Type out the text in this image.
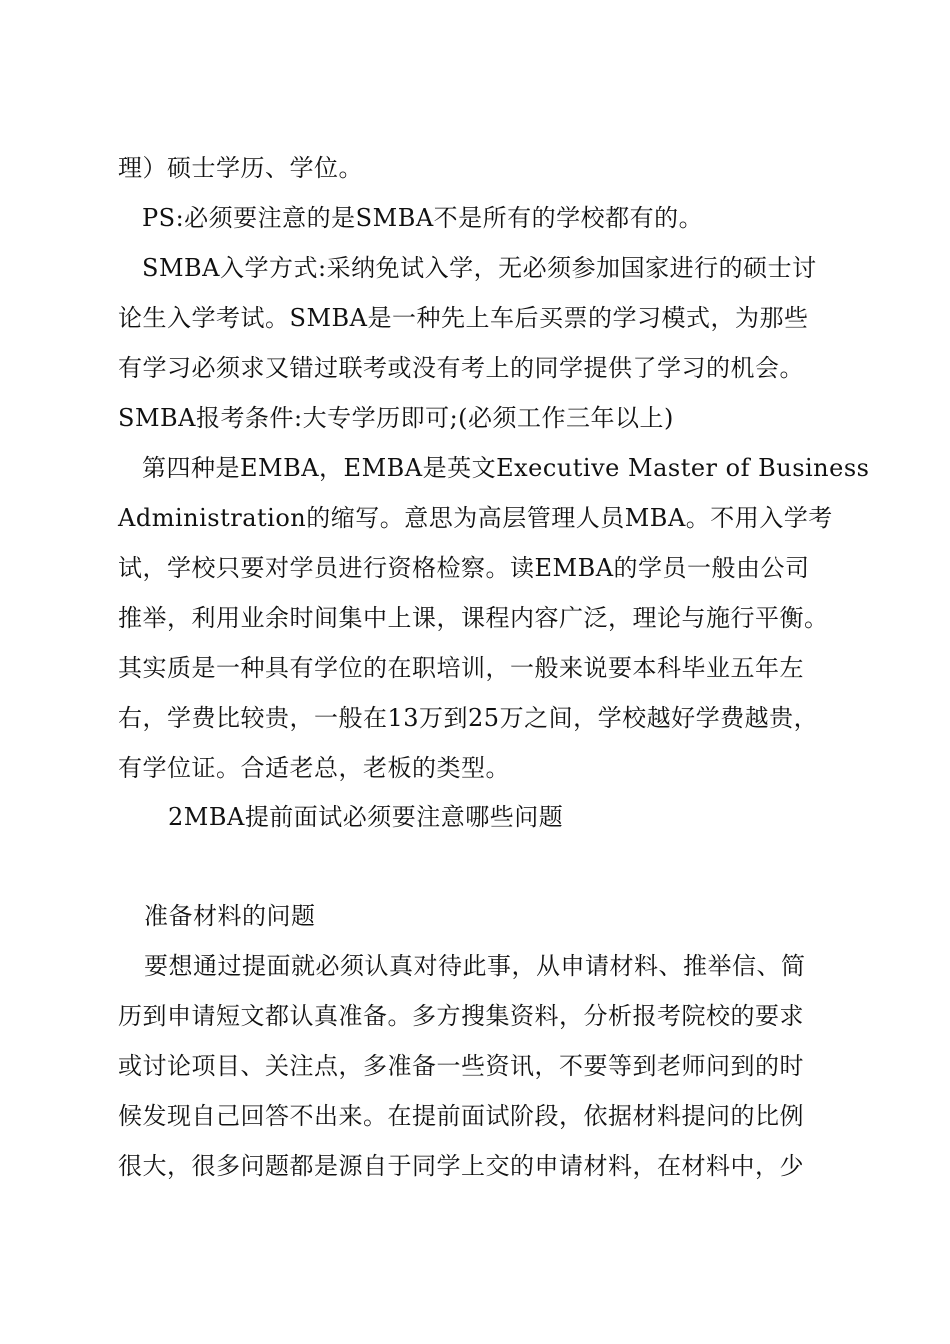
理）硕士学历、学位。
PS:必须要注意的是SMBA不是所有的学校都有的。
SMBA入学方式:采纳免试入学，无必须参加国家进行的硕士讨
论生入学考试。SMBA是一种先上车后买票的学习模式，为那些
有学习必须求又错过联考或没有考上的同学提供了学习的机会。
SMBA报考条件:大专学历即可;(必须工作三年以上)
第四种是EMBA，EMBA是英文Executive Master of Business
Administration的缩写。意思为高层管理人员MBA。不用入学考
试，学校只要对学员进行资格检察。读EMBA的学员一般由公司
推举，利用业余时间集中上课，课程内容广泛，理论与施行平衡。
其实质是一种具有学位的在职培训，一般来说要本科毕业五年左
右，学费比较贵，一般在13万到25万之间，学校越好学费越贵，
有学位证。合适老总，老板的类型。
2MBA提前面试必须要注意哪些问题
准备材料的问题
要想通过提面就必须认真对待此事，从申请材料、推举信、简
历到申请短文都认真准备。多方搜集资料，分析报考院校的要求
或讨论项目、关注点，多准备一些资讯，不要等到老师问到的时
候发现自己回答不出来。在提前面试阶段，依据材料提问的比例
很大，很多问题都是源自于同学上交的申请材料，在材料中，少
